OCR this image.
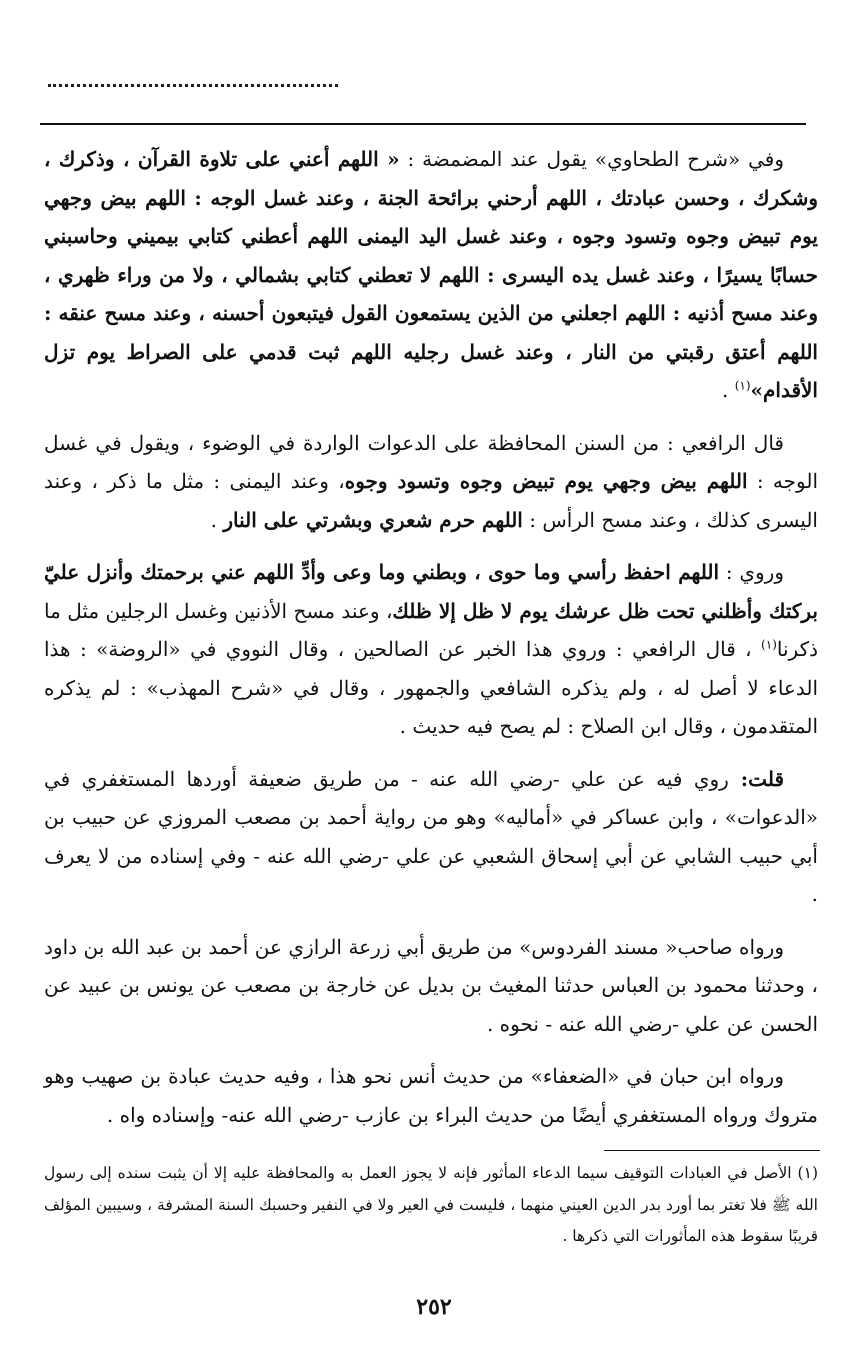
وفي «شرح الطحاوي» يقول عند المضمضة : « اللهم أعني على تلاوة القرآن ، وذكرك ، وشكرك ، وحسن عبادتك ، اللهم أرحني برائحة الجنة ، وعند غسل الوجه : اللهم بيض وجهي يوم تبيض وجوه وتسود وجوه ، وعند غسل اليد اليمنى اللهم أعطني كتابي بيميني وحاسبني حسابًا يسيرًا ، وعند غسل يده اليسرى : اللهم لا تعطني كتابي بشمالي ، ولا من وراء ظهري ، وعند مسح أذنيه : اللهم اجعلني من الذين يستمعون القول فيتبعون أحسنه ، وعند مسح عنقه : اللهم أعتق رقبتي من النار ، وعند غسل رجليه اللهم ثبت قدمي على الصراط يوم تزل الأقدام»$^{(١)}$ .

قال الرافعي : من السنن المحافظة على الدعوات الواردة في الوضوء ، ويقول في غسل الوجه : اللهم بيض وجهي يوم تبيض وجوه وتسود وجوه، وعند اليمنى : مثل ما ذكر ، وعند اليسرى كذلك ، وعند مسح الرأس : اللهم حرم شعري وبشرتي على النار .

وروي : اللهم احفظ رأسي وما حوى ، وبطني وما وعى وأدِّ اللهم عني برحمتك وأنزل عليّ بركتك وأظلني تحت ظل عرشك يوم لا ظل إلا ظلك، وعند مسح الأذنين وغسل الرجلين مثل ما ذكرنا$^{(١)}$ ، قال الرافعي : وروي هذا الخبر عن الصالحين ، وقال النووي في «الروضة» : هذا الدعاء لا أصل له ، ولم يذكره الشافعي والجمهور ، وقال في «شرح المهذب» : لم يذكره المتقدمون ، وقال ابن الصلاح : لم يصح فيه حديث .

قلت: روي فيه عن علي -رضي الله عنه - من طريق ضعيفة أوردها المستغفري في «الدعوات» ، وابن عساكر في «أماليه» وهو من رواية أحمد بن مصعب المروزي عن حبيب بن أبي حبيب الشابي عن أبي إسحاق الشعبي عن علي -رضي الله عنه - وفي إسناده من لا يعرف .

ورواه صاحب« مسند الفردوس» من طريق أبي زرعة الرازي عن أحمد بن عبد الله بن داود ، وحدثنا محمود بن العباس حدثنا المغيث بن بديل عن خارجة بن مصعب عن يونس بن عبيد عن الحسن عن علي -رضي الله عنه - نحوه .

ورواه ابن حبان في «الضعفاء» من حديث أنس نحو هذا ، وفيه حديث عبادة بن صهيب وهو متروك ورواه المستغفري أيضًا من حديث البراء بن عازب -رضي الله عنه- وإسناده واه .

(١) الأصل في العبادات التوقيف سيما الدعاء المأثور فإنه لا يجوز العمل به والمحافظة عليه إلا أن يثبت سنده إلى رسول الله ﷺ فلا تغتر بما أورد بدر الدين العيني منهما ، فليست في العير ولا في النفير وحسبك السنة المشرفة ، وسيبين المؤلف قريبًا سقوط هذه المأثورات التي ذكرها .

٢٥٢
